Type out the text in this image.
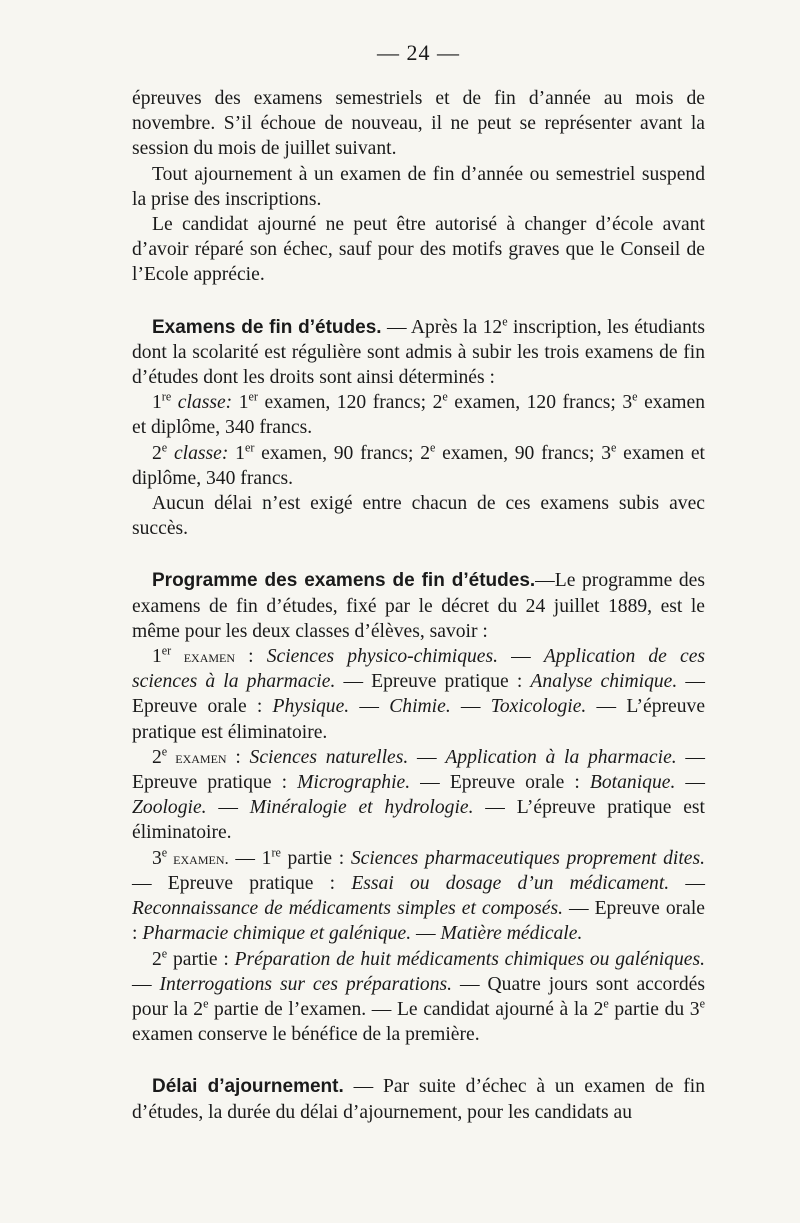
— 24 —

épreuves des examens semestriels et de fin d’année au mois de novembre. S’il échoue de nouveau, il ne peut se représenter avant la session du mois de juillet suivant.

Tout ajournement à un examen de fin d’année ou semestriel suspend la prise des inscriptions.

Le candidat ajourné ne peut être autorisé à changer d’école avant d’avoir réparé son échec, sauf pour des motifs graves que le Conseil de l’Ecole apprécie.

Examens de fin d’études. — Après la 12e inscription, les étudiants dont la scolarité est régulière sont admis à subir les trois examens de fin d’études dont les droits sont ainsi déterminés :

1re classe: 1er examen, 120 francs; 2e examen, 120 francs; 3e examen et diplôme, 340 francs.

2e classe: 1er examen, 90 francs; 2e examen, 90 francs; 3e examen et diplôme, 340 francs.

Aucun délai n’est exigé entre chacun de ces examens subis avec succès.

Programme des examens de fin d’études.—Le programme des examens de fin d’études, fixé par le décret du 24 juillet 1889, est le même pour les deux classes d’élèves, savoir :

1er examen : Sciences physico-chimiques. — Application de ces sciences à la pharmacie. — Epreuve pratique : Analyse chimique. — Epreuve orale : Physique. — Chimie. — Toxicologie. — L’épreuve pratique est éliminatoire.

2e examen : Sciences naturelles. — Application à la pharmacie. — Epreuve pratique : Micrographie. — Epreuve orale : Botanique. — Zoologie. — Minéralogie et hydrologie. — L’épreuve pratique est éliminatoire.

3e examen. — 1re partie : Sciences pharmaceutiques proprement dites. — Epreuve pratique : Essai ou dosage d’un médicament. — Reconnaissance de médicaments simples et composés. — Epreuve orale : Pharmacie chimique et galénique. — Matière médicale.

2e partie : Préparation de huit médicaments chimiques ou galéniques. — Interrogations sur ces préparations. — Quatre jours sont accordés pour la 2e partie de l’examen. — Le candidat ajourné à la 2e partie du 3e examen conserve le bénéfice de la première.

Délai d’ajournement. — Par suite d’échec à un examen de fin d’études, la durée du délai d’ajournement, pour les candidats au
